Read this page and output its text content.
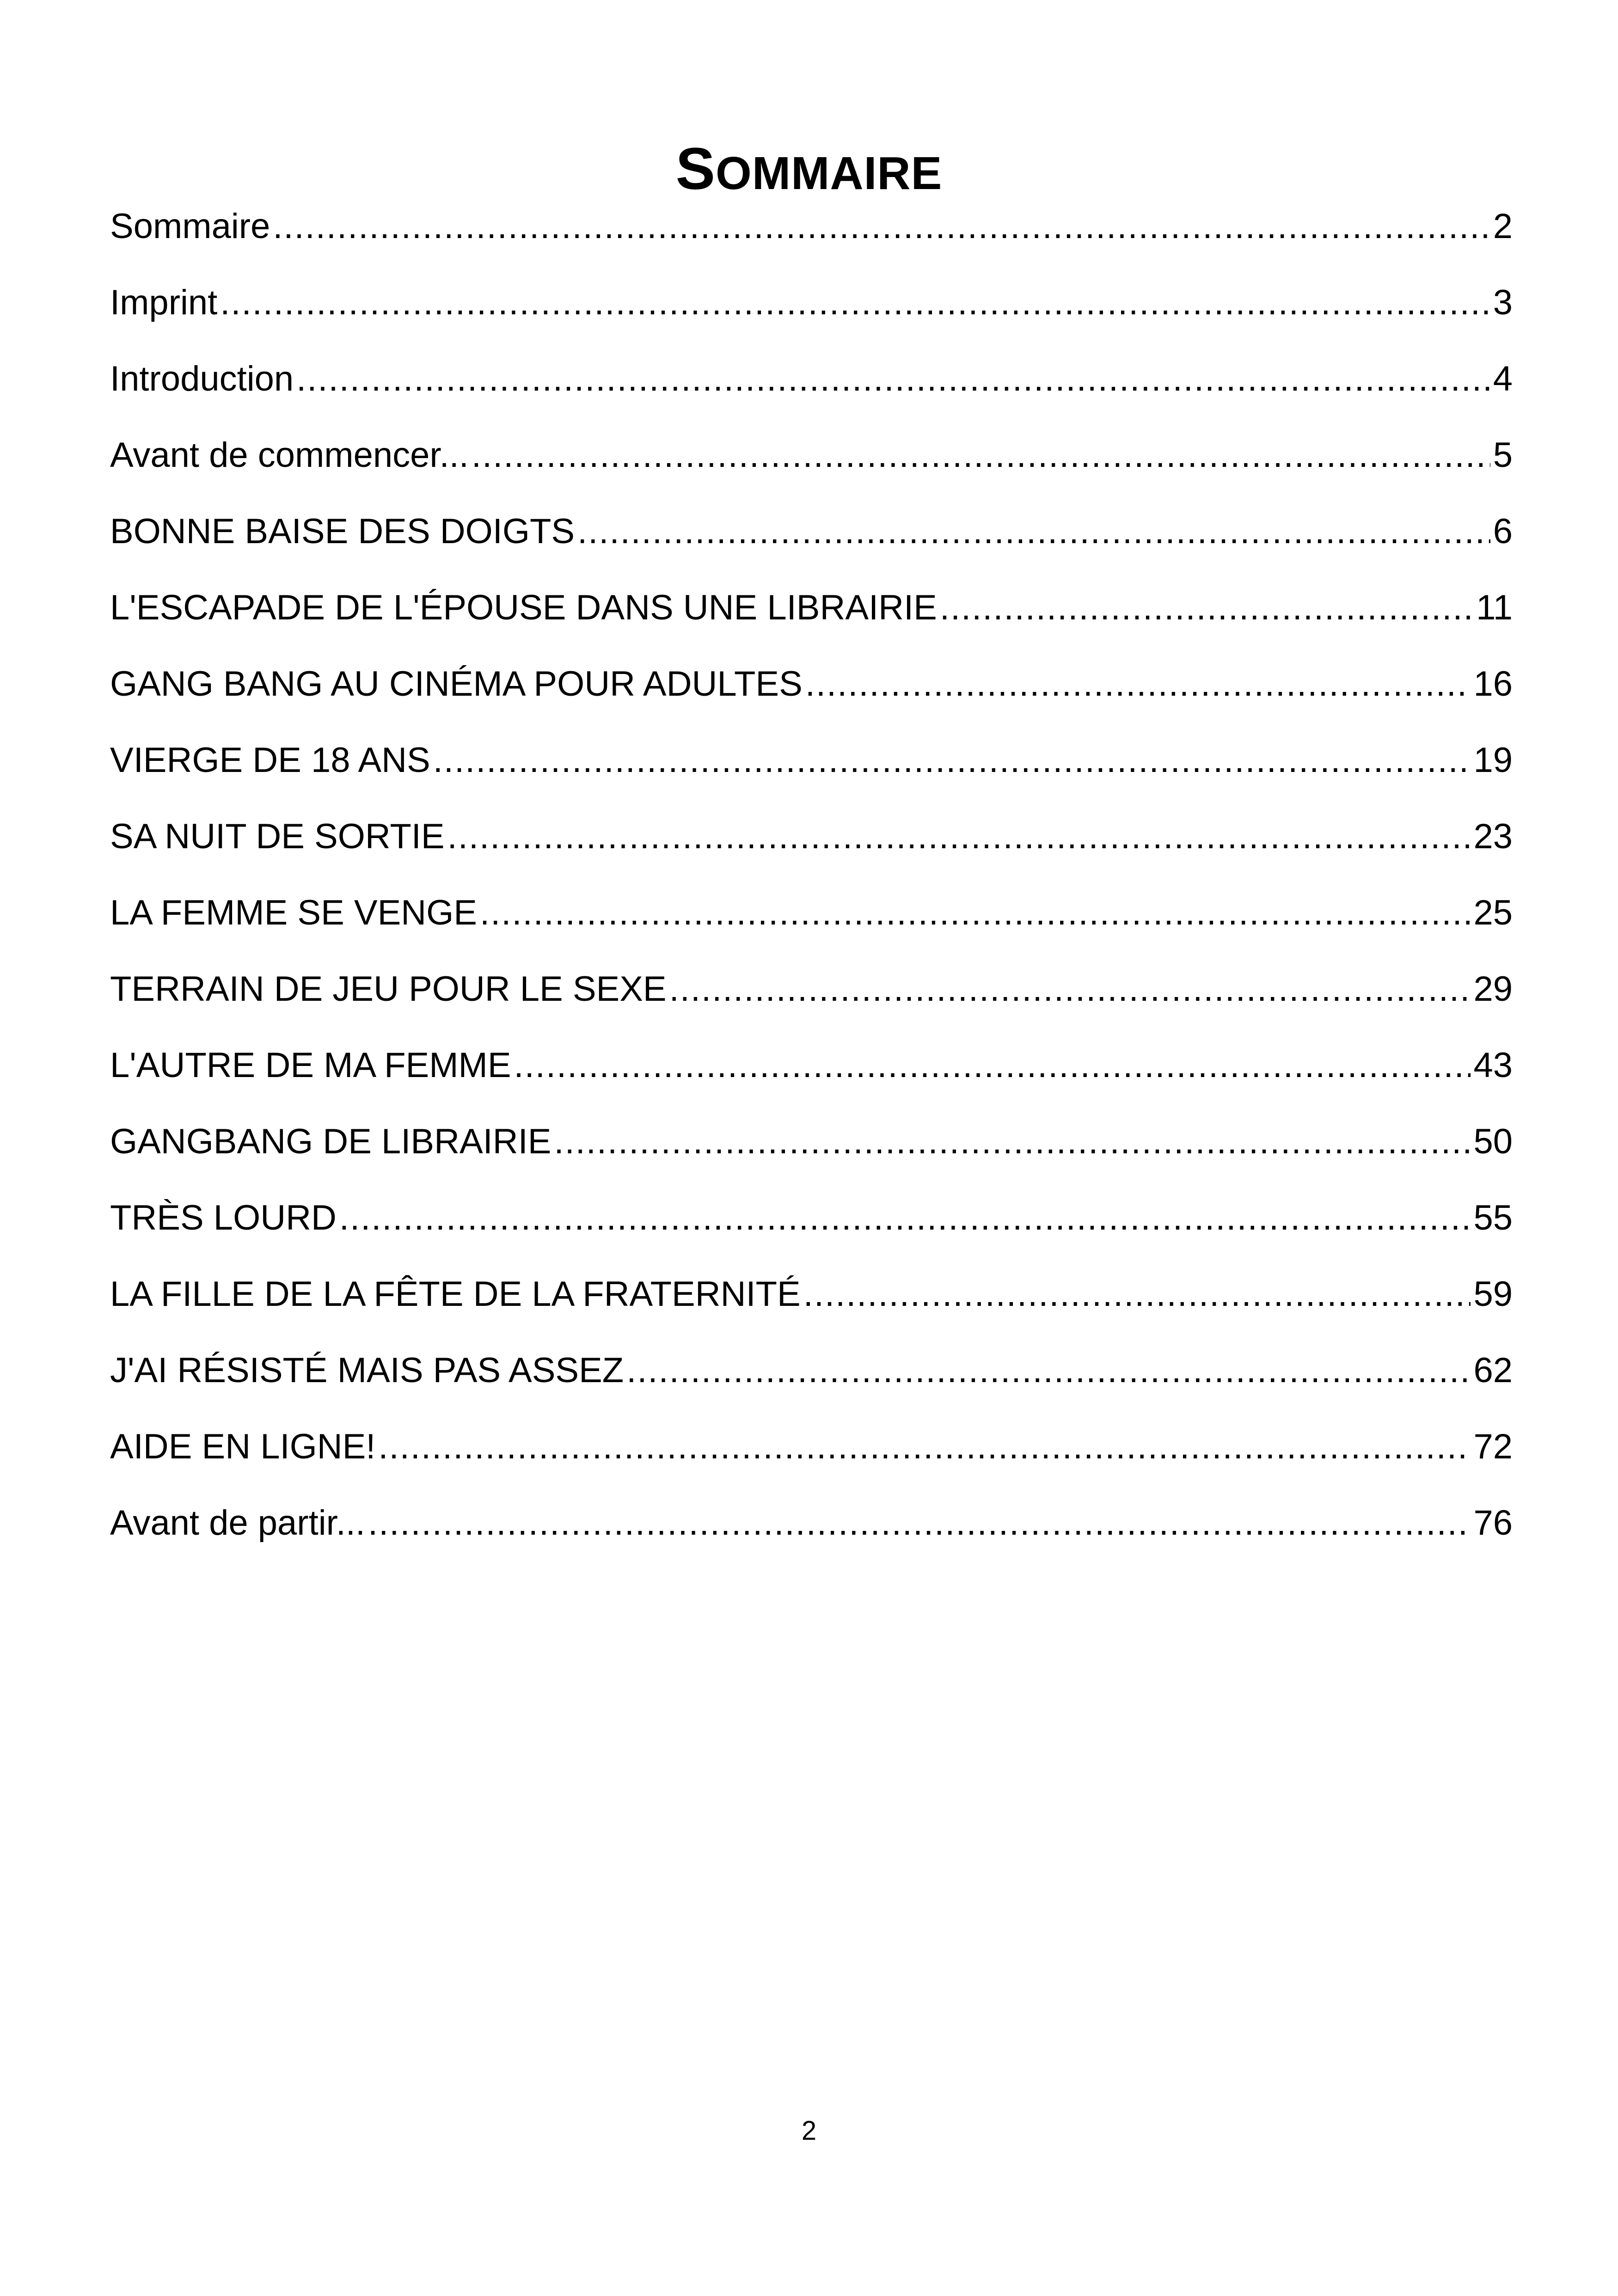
SOMMAIRE
Sommaire .....	2
Imprint .....	3
Introduction .....	4
Avant de commencer... .....	5
BONNE BAISE DES DOIGTS .....	6
L'ESCAPADE DE L'ÉPOUSE DANS UNE LIBRAIRIE .....	11
GANG BANG AU CINÉMA POUR ADULTES .....	16
VIERGE DE 18 ANS .....	19
SA NUIT DE SORTIE .....	23
LA FEMME SE VENGE .....	25
TERRAIN DE JEU POUR LE SEXE .....	29
L'AUTRE DE MA FEMME .....	43
GANGBANG DE LIBRAIRIE .....	50
TRÈS LOURD .....	55
LA FILLE DE LA FÊTE DE LA FRATERNITÉ .....	59
J'AI RÉSISTÉ MAIS PAS ASSEZ .....	62
AIDE EN LIGNE! .....	72
Avant de partir... .....	76
2
